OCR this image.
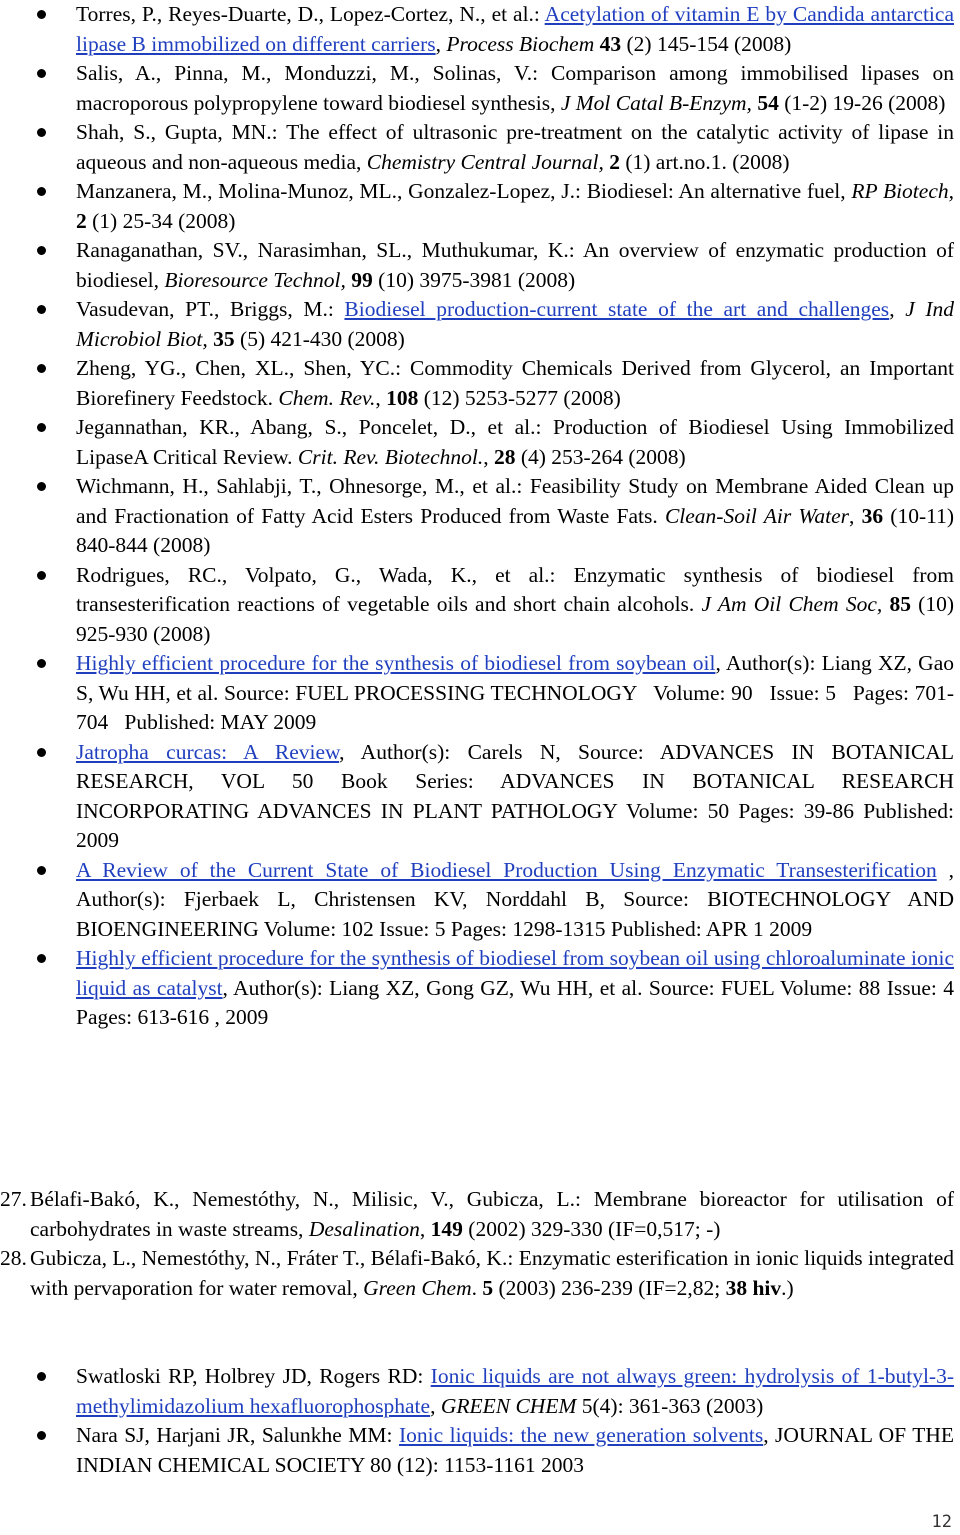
Torres, P., Reyes-Duarte, D., Lopez-Cortez, N., et al.: Acetylation of vitamin E by Candida antarctica lipase B immobilized on different carriers, Process Biochem 43 (2) 145-154 (2008)
Salis, A., Pinna, M., Monduzzi, M., Solinas, V.: Comparison among immobilised lipases on macroporous polypropylene toward biodiesel synthesis, J Mol Catal B-Enzym, 54 (1-2) 19-26 (2008)
Shah, S., Gupta, MN.: The effect of ultrasonic pre-treatment on the catalytic activity of lipase in aqueous and non-aqueous media, Chemistry Central Journal, 2 (1) art.no.1. (2008)
Manzanera, M., Molina-Munoz, ML., Gonzalez-Lopez, J.: Biodiesel: An alternative fuel, RP Biotech, 2 (1) 25-34 (2008)
Ranaganathan, SV., Narasimhan, SL., Muthukumar, K.: An overview of enzymatic production of biodiesel, Bioresource Technol, 99 (10) 3975-3981 (2008)
Vasudevan, PT., Briggs, M.: Biodiesel production-current state of the art and challenges, J Ind Microbiol Biot, 35 (5) 421-430 (2008)
Zheng, YG., Chen, XL., Shen, YC.: Commodity Chemicals Derived from Glycerol, an Important Biorefinery Feedstock. Chem. Rev., 108 (12) 5253-5277 (2008)
Jegannathan, KR., Abang, S., Poncelet, D., et al.: Production of Biodiesel Using Immobilized LipaseA Critical Review. Crit. Rev. Biotechnol., 28 (4) 253-264 (2008)
Wichmann, H., Sahlabji, T., Ohnesorge, M., et al.: Feasibility Study on Membrane Aided Clean up and Fractionation of Fatty Acid Esters Produced from Waste Fats. Clean-Soil Air Water, 36 (10-11) 840-844 (2008)
Rodrigues, RC., Volpato, G., Wada, K., et al.: Enzymatic synthesis of biodiesel from transesterification reactions of vegetable oils and short chain alcohols. J Am Oil Chem Soc, 85 (10) 925-930 (2008)
Highly efficient procedure for the synthesis of biodiesel from soybean oil, Author(s): Liang XZ, Gao S, Wu HH, et al. Source: FUEL PROCESSING TECHNOLOGY   Volume: 90   Issue: 5   Pages: 701-704   Published: MAY 2009
Jatropha curcas: A Review, Author(s): Carels N, Source: ADVANCES IN BOTANICAL RESEARCH, VOL 50 Book Series: ADVANCES IN BOTANICAL RESEARCH INCORPORATING ADVANCES IN PLANT PATHOLOGY Volume: 50 Pages: 39-86 Published: 2009
A Review of the Current State of Biodiesel Production Using Enzymatic Transesterification , Author(s): Fjerbaek L, Christensen KV, Norddahl B, Source: BIOTECHNOLOGY AND BIOENGINEERING Volume: 102 Issue: 5 Pages: 1298-1315 Published: APR 1 2009
Highly efficient procedure for the synthesis of biodiesel from soybean oil using chloroaluminate ionic liquid as catalyst, Author(s): Liang XZ, Gong GZ, Wu HH, et al. Source: FUEL Volume: 88 Issue: 4 Pages: 613-616 , 2009
27. Bélafi-Bakó, K., Nemestóthy, N., Milisic, V., Gubicza, L.: Membrane bioreactor for utilisation of carbohydrates in waste streams, Desalination, 149 (2002) 329-330 (IF=0,517; -)
28. Gubicza, L., Nemestóthy, N., Fráter T., Bélafi-Bakó, K.: Enzymatic esterification in ionic liquids integrated with pervaporation for water removal, Green Chem. 5 (2003) 236-239 (IF=2,82; 38 hiv.)
Swatloski RP, Holbrey JD, Rogers RD: Ionic liquids are not always green: hydrolysis of 1-butyl-3-methylimidazolium hexafluorophosphate, GREEN CHEM 5(4): 361-363 (2003)
Nara SJ, Harjani JR, Salunkhe MM: Ionic liquids: the new generation solvents, JOURNAL OF THE INDIAN CHEMICAL SOCIETY 80 (12): 1153-1161 2003
12
